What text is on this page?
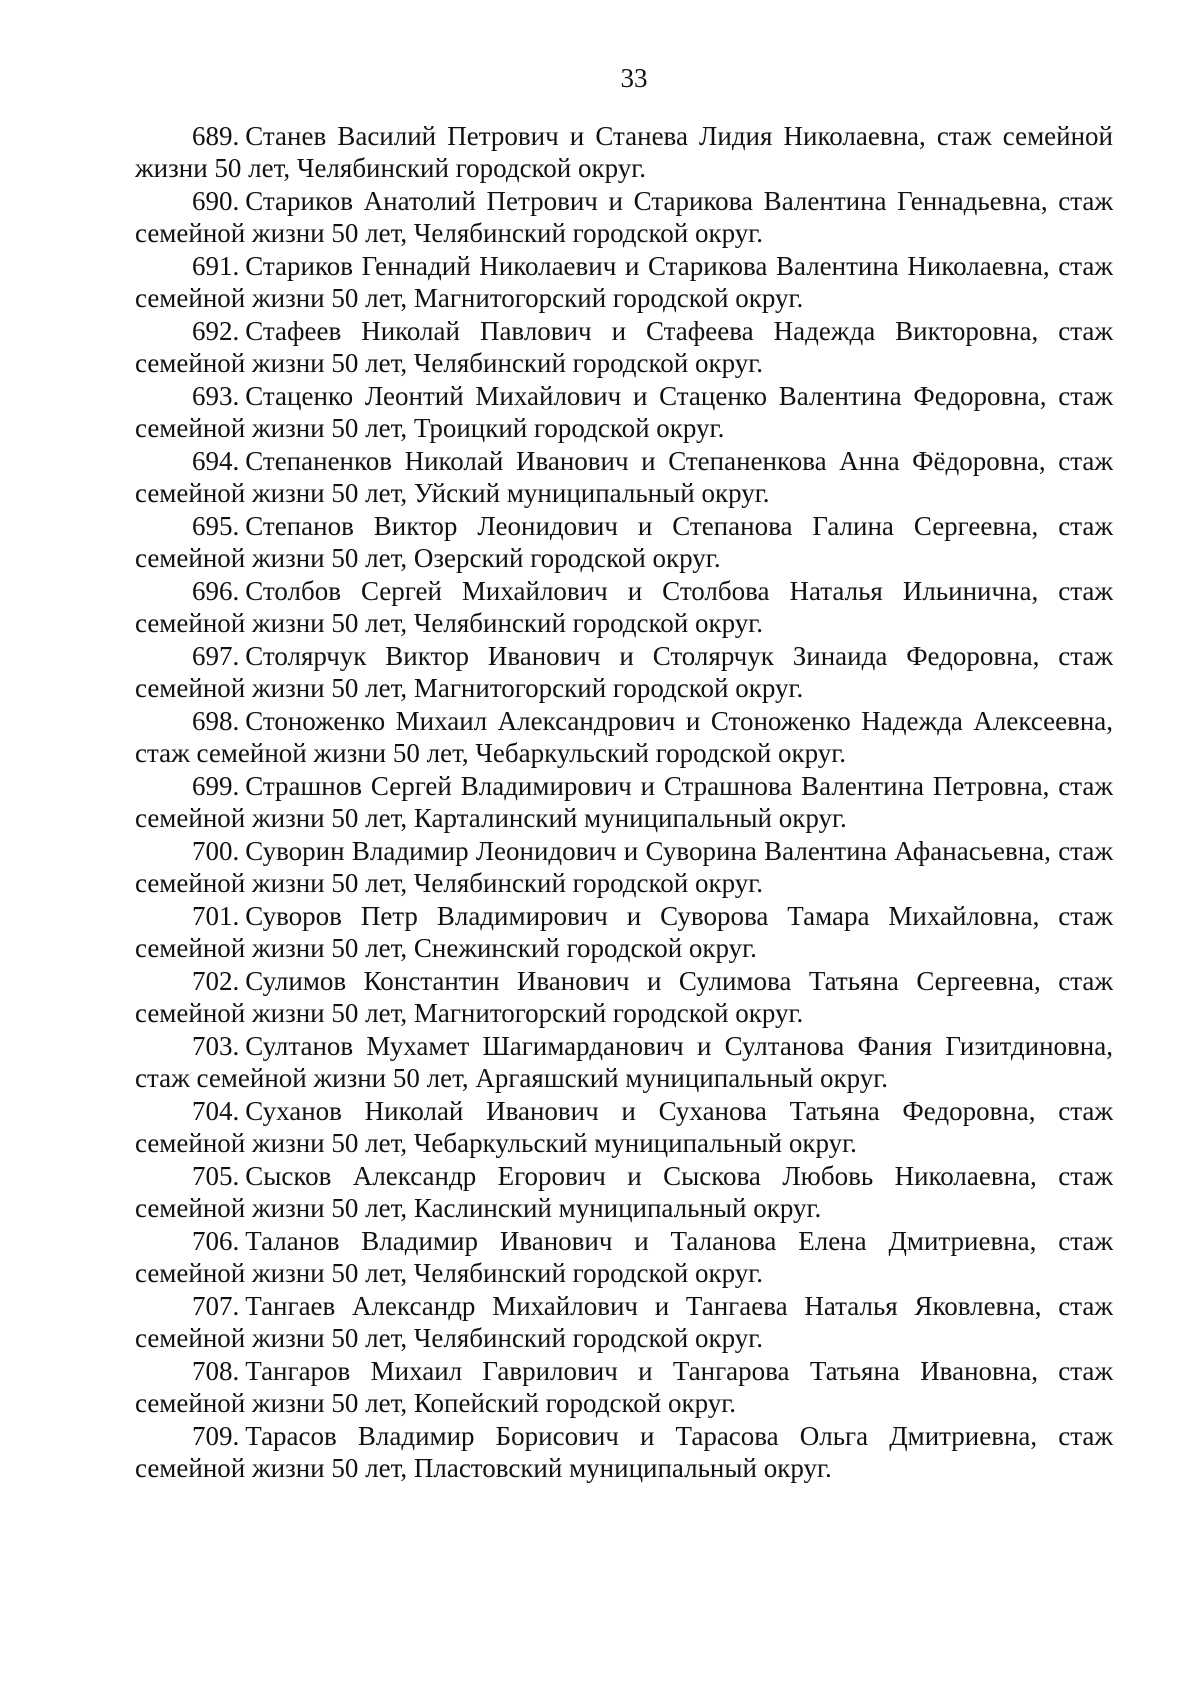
33
689. Станев Василий Петрович и Станева Лидия Николаевна, стаж семейной жизни 50 лет, Челябинский городской округ.
690. Стариков Анатолий Петрович и Старикова Валентина Геннадьевна, стаж семейной жизни 50 лет, Челябинский городской округ.
691. Стариков Геннадий Николаевич и Старикова Валентина Николаевна, стаж семейной жизни 50 лет, Магнитогорский городской округ.
692. Стафеев Николай Павлович и Стафеева Надежда Викторовна, стаж семейной жизни 50 лет, Челябинский городской округ.
693. Стаценко Леонтий Михайлович и Стаценко Валентина Федоровна, стаж семейной жизни 50 лет, Троицкий городской округ.
694. Степаненков Николай Иванович и Степаненкова Анна Фёдоровна, стаж семейной жизни 50 лет, Уйский муниципальный округ.
695. Степанов Виктор Леонидович и Степанова Галина Сергеевна, стаж семейной жизни 50 лет, Озерский городской округ.
696. Столбов Сергей Михайлович и Столбова Наталья Ильинична, стаж семейной жизни 50 лет, Челябинский городской округ.
697. Столярчук Виктор Иванович и Столярчук Зинаида Федоровна, стаж семейной жизни 50 лет, Магнитогорский городской округ.
698. Стоноженко Михаил Александрович и Стоноженко Надежда Алексеевна, стаж семейной жизни 50 лет, Чебаркульский городской округ.
699. Страшнов Сергей Владимирович и Страшнова Валентина Петровна, стаж семейной жизни 50 лет, Карталинский муниципальный округ.
700. Суворин Владимир Леонидович и Суворина Валентина Афанасьевна, стаж семейной жизни 50 лет, Челябинский городской округ.
701. Суворов Петр Владимирович и Суворова Тамара Михайловна, стаж семейной жизни 50 лет, Снежинский городской округ.
702. Сулимов Константин Иванович и Сулимова Татьяна Сергеевна, стаж семейной жизни 50 лет, Магнитогорский городской округ.
703. Султанов Мухамет Шагимарданович и Султанова Фания Гизитдиновна, стаж семейной жизни 50 лет, Аргаяшский муниципальный округ.
704. Суханов Николай Иванович и Суханова Татьяна Федоровна, стаж семейной жизни 50 лет, Чебаркульский муниципальный округ.
705. Сысков Александр Егорович и Сыскова Любовь Николаевна, стаж семейной жизни 50 лет, Каслинский муниципальный округ.
706. Таланов Владимир Иванович и Таланова Елена Дмитриевна, стаж семейной жизни 50 лет, Челябинский городской округ.
707. Тангаев Александр Михайлович и Тангаева Наталья Яковлевна, стаж семейной жизни 50 лет, Челябинский городской округ.
708. Тангаров Михаил Гаврилович и Тангарова Татьяна Ивановна, стаж семейной жизни 50 лет, Копейский городской округ.
709. Тарасов Владимир Борисович и Тарасова Ольга Дмитриевна, стаж семейной жизни 50 лет, Пластовский муниципальный округ.
